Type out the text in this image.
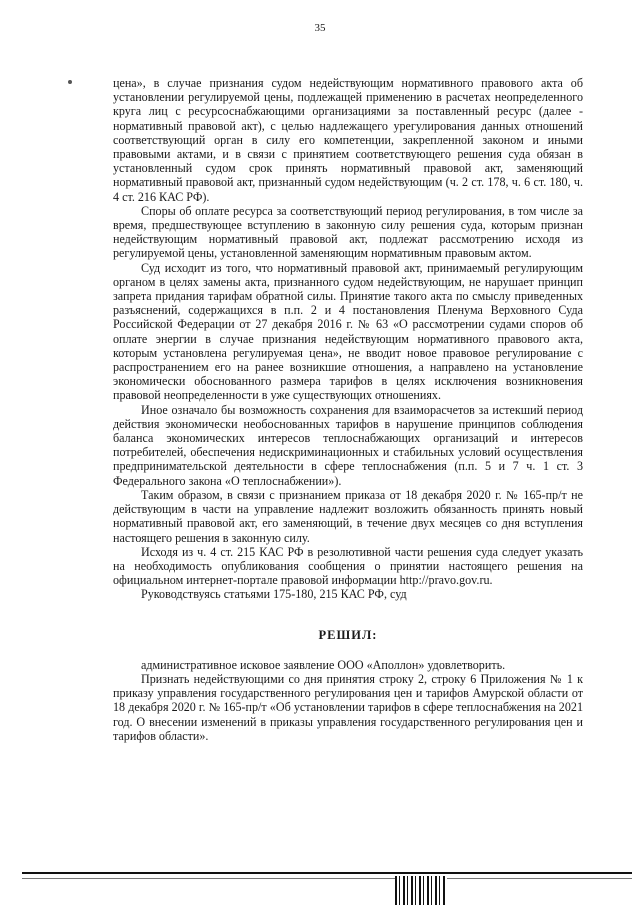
35

цена», в случае признания судом недействующим нормативного правового акта об установлении регулируемой цены, подлежащей применению в расчетах неопределенного круга лиц с ресурсоснабжающими организациями за поставленный ресурс (далее - нормативный правовой акт), с целью надлежащего урегулирования данных отношений соответствующий орган в силу его компетенции, закрепленной законом и иными правовыми актами, и в связи с принятием соответствующего решения суда обязан в установленный судом срок принять нормативный правовой акт, заменяющий нормативный правовой акт, признанный судом недействующим (ч. 2 ст. 178, ч. 6 ст. 180, ч. 4 ст. 216 КАС РФ).

Споры об оплате ресурса за соответствующий период регулирования, в том числе за время, предшествующее вступлению в законную силу решения суда, которым признан недействующим нормативный правовой акт, подлежат рассмотрению исходя из регулируемой цены, установленной заменяющим нормативным правовым актом.

Суд исходит из того, что нормативный правовой акт, принимаемый регулирующим органом в целях замены акта, признанного судом недействующим, не нарушает принцип запрета придания тарифам обратной силы. Принятие такого акта по смыслу приведенных разъяснений, содержащихся в п.п. 2 и 4 постановления Пленума Верховного Суда Российской Федерации от 27 декабря 2016 г. № 63 «О рассмотрении судами споров об оплате энергии в случае признания недействующим нормативного правового акта, которым установлена регулируемая цена», не вводит новое правовое регулирование с распространением его на ранее возникшие отношения, а направлено на установление экономически обоснованного размера тарифов в целях исключения возникновения правовой неопределенности в уже существующих отношениях.

Иное означало бы возможность сохранения для взаиморасчетов за истекший период действия экономически необоснованных тарифов в нарушение принципов соблюдения баланса экономических интересов теплоснабжающих организаций и интересов потребителей, обеспечения недискриминационных и стабильных условий осуществления предпринимательской деятельности в сфере теплоснабжения (п.п. 5 и 7 ч. 1 ст. 3 Федерального закона «О теплоснабжении»).

Таким образом, в связи с признанием приказа от 18 декабря 2020 г. № 165-пр/т не действующим в части на управление надлежит возложить обязанность принять новый нормативный правовой акт, его заменяющий, в течение двух месяцев со дня вступления настоящего решения в законную силу.

Исходя из ч. 4 ст. 215 КАС РФ в резолютивной части решения суда следует указать на необходимость опубликования сообщения о принятии настоящего решения на официальном интернет-портале правовой информации http://pravo.gov.ru.

Руководствуясь статьями 175-180, 215 КАС РФ, суд

РЕШИЛ:

административное исковое заявление ООО «Аполлон» удовлетворить.

Признать недействующими со дня принятия строку 2, строку 6 Приложения № 1 к приказу управления государственного регулирования цен и тарифов Амурской области от 18 декабря 2020 г. № 165-пр/т «Об установлении тарифов в сфере теплоснабжения на 2021 год. О внесении изменений в приказы управления государственного регулирования цен и тарифов области».
